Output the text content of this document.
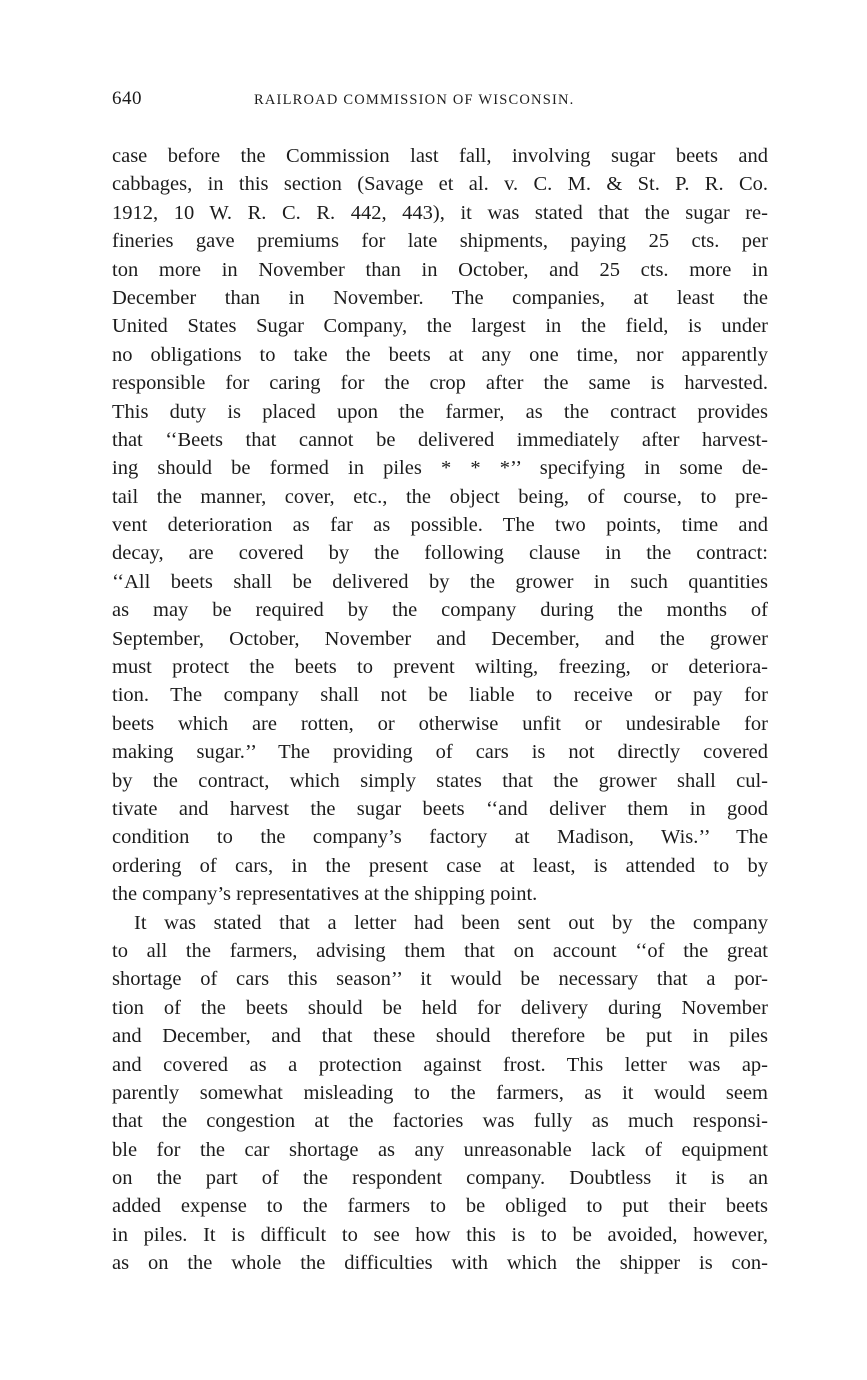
640	RAILROAD COMMISSION OF WISCONSIN.
case before the Commission last fall, involving sugar beets and
cabbages, in this section (Savage et al. v. C. M. & St. P. R. Co.
1912, 10 W. R. C. R. 442, 443), it was stated that the sugar re-
fineries gave premiums for late shipments, paying 25 cts. per
ton more in November than in October, and 25 cts. more in
December than in November. The companies, at least the
United States Sugar Company, the largest in the field, is under
no obligations to take the beets at any one time, nor apparently
responsible for caring for the crop after the same is harvested.
This duty is placed upon the farmer, as the contract provides
that ‘‘Beets that cannot be delivered immediately after harvest-
ing should be formed in piles * * *’’ specifying in some de-
tail the manner, cover, etc., the object being, of course, to pre-
vent deterioration as far as possible. The two points, time and
decay, are covered by the following clause in the contract:
‘‘All beets shall be delivered by the grower in such quantities
as may be required by the company during the months of
September, October, November and December, and the grower
must protect the beets to prevent wilting, freezing, or deteriora-
tion. The company shall not be liable to receive or pay for
beets which are rotten, or otherwise unfit or undesirable for
making sugar.’’ The providing of cars is not directly covered
by the contract, which simply states that the grower shall cul-
tivate and harvest the sugar beets ‘‘and deliver them in good
condition to the company’s factory at Madison, Wis.’’ The
ordering of cars, in the present case at least, is attended to by
the company’s representatives at the shipping point.
It was stated that a letter had been sent out by the company
to all the farmers, advising them that on account ‘‘of the great
shortage of cars this season’’ it would be necessary that a por-
tion of the beets should be held for delivery during November
and December, and that these should therefore be put in piles
and covered as a protection against frost. This letter was ap-
parently somewhat misleading to the farmers, as it would seem
that the congestion at the factories was fully as much responsi-
ble for the car shortage as any unreasonable lack of equipment
on the part of the respondent company. Doubtless it is an
added expense to the farmers to be obliged to put their beets
in piles. It is difficult to see how this is to be avoided, however,
as on the whole the difficulties with which the shipper is con-
